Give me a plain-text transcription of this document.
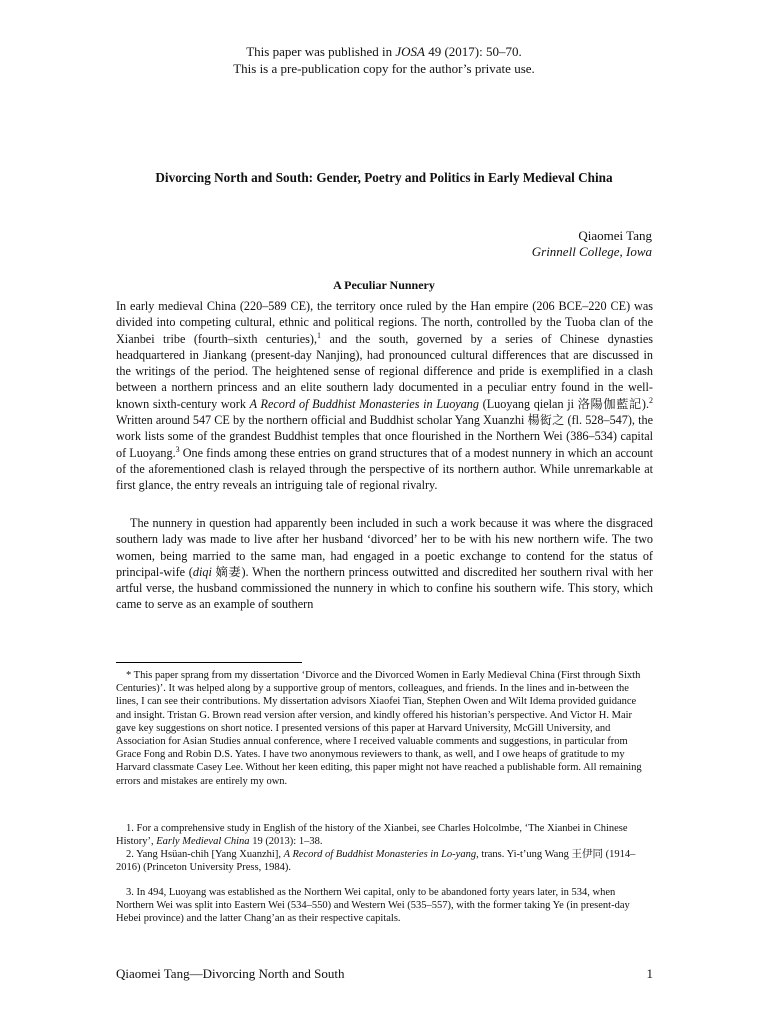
This paper was published in JOSA 49 (2017): 50–70.
This is a pre-publication copy for the author’s private use.
Divorcing North and South: Gender, Poetry and Politics in Early Medieval China
Qiaomei Tang
Grinnell College, Iowa
A Peculiar Nunnery
In early medieval China (220–589 CE), the territory once ruled by the Han empire (206 BCE–220 CE) was divided into competing cultural, ethnic and political regions. The north, controlled by the Tuoba clan of the Xianbei tribe (fourth–sixth centuries),$^1$ and the south, governed by a series of Chinese dynasties headquartered in Jiankang (present-day Nanjing), had pronounced cultural differences that are discussed in the writings of the period. The heightened sense of regional difference and pride is exemplified in a clash between a northern princess and an elite southern lady documented in a peculiar entry found in the well-known sixth-century work A Record of Buddhist Monasteries in Luoyang (Luoyang qielan ji 洛陽伽藍記).$^2$ Written around 547 CE by the northern official and Buddhist scholar Yang Xuanzhi 楊衒之 (fl. 528–547), the work lists some of the grandest Buddhist temples that once flourished in the Northern Wei (386–534) capital of Luoyang.$^3$ One finds among these entries on grand structures that of a modest nunnery in which an account of the aforementioned clash is relayed through the perspective of its northern author. While unremarkable at first glance, the entry reveals an intriguing tale of regional rivalry.
The nunnery in question had apparently been included in such a work because it was where the disgraced southern lady was made to live after her husband ‘divorced’ her to be with his new northern wife. The two women, being married to the same man, had engaged in a poetic exchange to contend for the status of principal-wife (diqi 嫡妻). When the northern princess outwitted and discredited her southern rival with her artful verse, the husband commissioned the nunnery in which to confine his southern wife. This story, which came to serve as an example of southern
* This paper sprang from my dissertation ‘Divorce and the Divorced Women in Early Medieval China (First through Sixth Centuries)’. It was helped along by a supportive group of mentors, colleagues, and friends. In the lines and in-between the lines, I can see their contributions. My dissertation advisors Xiaofei Tian, Stephen Owen and Wilt Idema provided guidance and insight. Tristan G. Brown read version after version, and kindly offered his historian’s perspective. And Victor H. Mair gave key suggestions on short notice. I presented versions of this paper at Harvard University, McGill University, and Association for Asian Studies annual conference, where I received valuable comments and suggestions, in particular from Grace Fong and Robin D.S. Yates. I have two anonymous reviewers to thank, as well, and I owe heaps of gratitude to my Harvard classmate Casey Lee. Without her keen editing, this paper might not have reached a publishable form. All remaining errors and mistakes are entirely my own.
1. For a comprehensive study in English of the history of the Xianbei, see Charles Holcolmbe, ‘The Xianbei in Chinese History’, Early Medieval China 19 (2013): 1–38.
2. Yang Hsüan-chih [Yang Xuanzhi], A Record of Buddhist Monasteries in Lo-yang, trans. Yi-t’ung Wang 王伊同 (1914–2016) (Princeton University Press, 1984).
3. In 494, Luoyang was established as the Northern Wei capital, only to be abandoned forty years later, in 534, when Northern Wei was split into Eastern Wei (534–550) and Western Wei (535–557), with the former taking Ye (in present-day Hebei province) and the latter Chang’an as their respective capitals.
Qiaomei Tang—Divorcing North and South	1
